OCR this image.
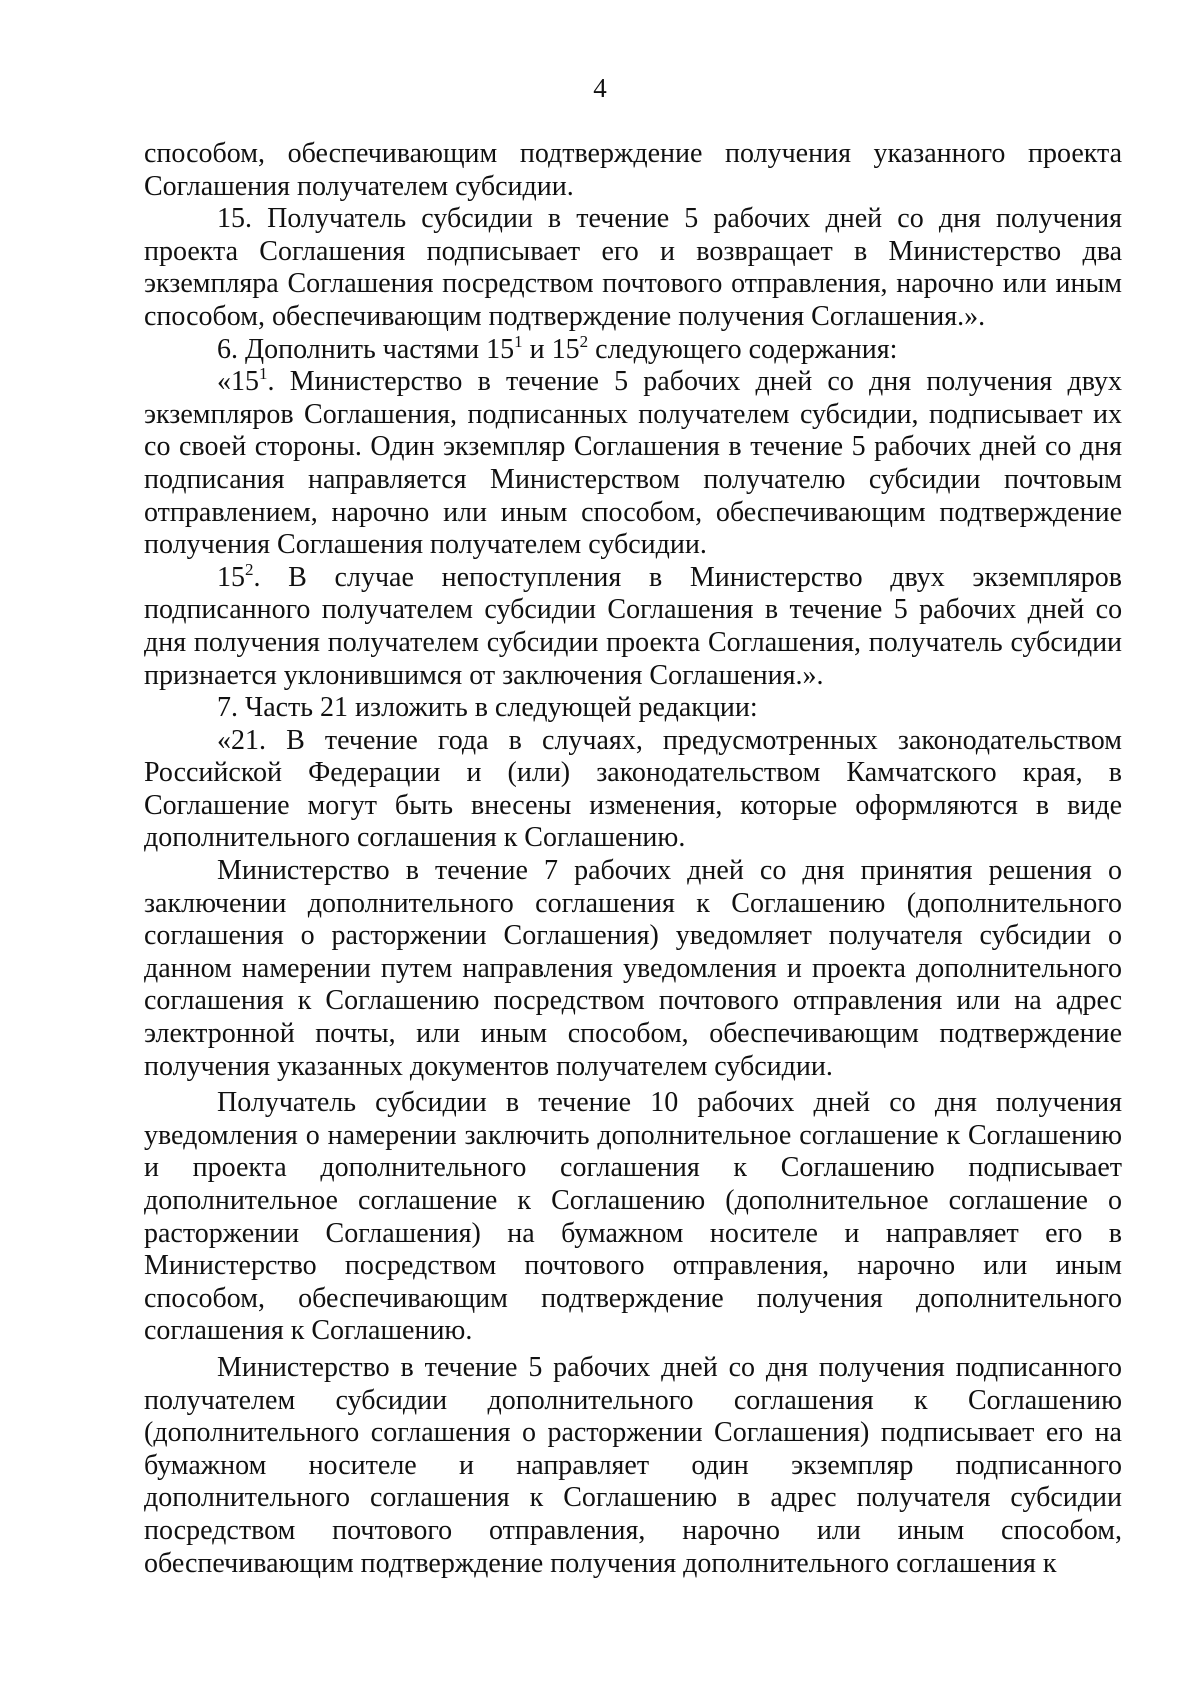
4

способом, обеспечивающим подтверждение получения указанного проекта Соглашения получателем субсидии.

15. Получатель субсидии в течение 5 рабочих дней со дня получения проекта Соглашения подписывает его и возвращает в Министерство два экземпляра Соглашения посредством почтового отправления, нарочно или иным способом, обеспечивающим подтверждение получения Соглашения.».

6. Дополнить частями $15^1$ и $15^2$ следующего содержания:

«$15^1$. Министерство в течение 5 рабочих дней со дня получения двух экземпляров Соглашения, подписанных получателем субсидии, подписывает их со своей стороны. Один экземпляр Соглашения в течение 5 рабочих дней со дня подписания направляется Министерством получателю субсидии почтовым отправлением, нарочно или иным способом, обеспечивающим подтверждение получения Соглашения получателем субсидии.

$15^2$. В случае непоступления в Министерство двух экземпляров подписанного получателем субсидии Соглашения в течение 5 рабочих дней со дня получения получателем субсидии проекта Соглашения, получатель субсидии признается уклонившимся от заключения Соглашения.».

7. Часть 21 изложить в следующей редакции:

«21. В течение года в случаях, предусмотренных законодательством Российской Федерации и (или) законодательством Камчатского края, в Соглашение могут быть внесены изменения, которые оформляются в виде дополнительного соглашения к Соглашению.

Министерство в течение 7 рабочих дней со дня принятия решения о заключении дополнительного соглашения к Соглашению (дополнительного соглашения о расторжении Соглашения) уведомляет получателя субсидии о данном намерении путем направления уведомления и проекта дополнительного соглашения к Соглашению посредством почтового отправления или на адрес электронной почты, или иным способом, обеспечивающим подтверждение получения указанных документов получателем субсидии.

Получатель субсидии в течение 10 рабочих дней со дня получения уведомления о намерении заключить дополнительное соглашение к Соглашению и проекта дополнительного соглашения к Соглашению подписывает дополнительное соглашение к Соглашению (дополнительное соглашение о расторжении Соглашения) на бумажном носителе и направляет его в Министерство посредством почтового отправления, нарочно или иным способом, обеспечивающим подтверждение получения дополнительного соглашения к Соглашению.

Министерство в течение 5 рабочих дней со дня получения подписанного получателем субсидии дополнительного соглашения к Соглашению (дополнительного соглашения о расторжении Соглашения) подписывает его на бумажном носителе и направляет один экземпляр подписанного дополнительного соглашения к Соглашению в адрес получателя субсидии посредством почтового отправления, нарочно или иным способом, обеспечивающим подтверждение получения дополнительного соглашения к
